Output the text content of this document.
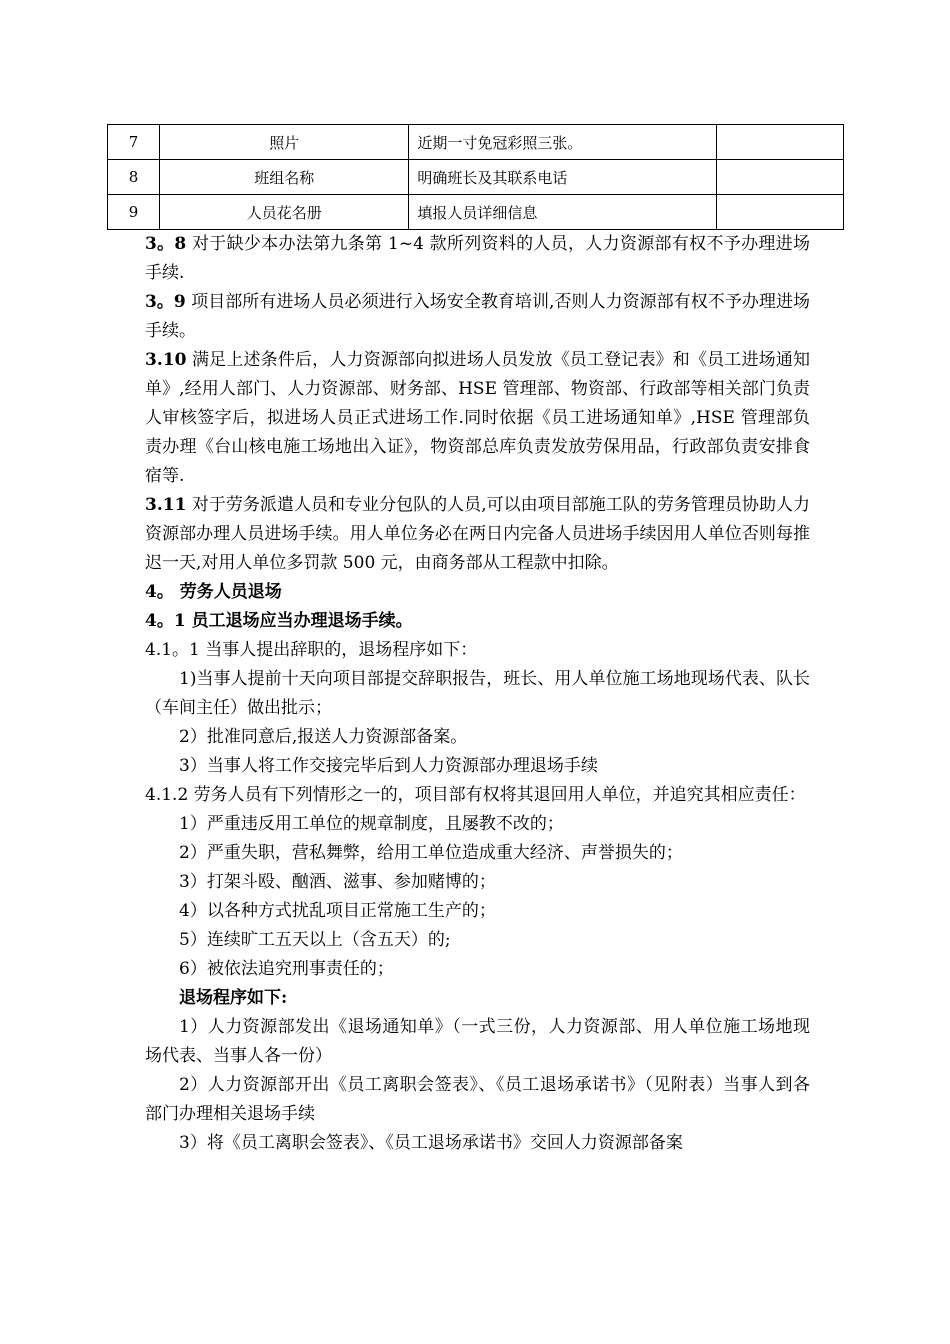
7	照片	近期一寸免冠彩照三张。	
8	班组名称	明确班长及其联系电话	
9	人员花名册	填报人员详细信息	

3。8 对于缺少本办法第九条第 1~4 款所列资料的人员，人力资源部有权不予办理进场手续.

3。9 项目部所有进场人员必须进行入场安全教育培训,否则人力资源部有权不予办理进场手续。

3.10 满足上述条件后，人力资源部向拟进场人员发放《员工登记表》和《员工进场通知单》,经用人部门、人力资源部、财务部、HSE 管理部、物资部、行政部等相关部门负责人审核签字后，拟进场人员正式进场工作.同时依据《员工进场通知单》,HSE 管理部负责办理《台山核电施工场地出入证》，物资部总库负责发放劳保用品，行政部负责安排食宿等.

3.11 对于劳务派遣人员和专业分包队的人员,可以由项目部施工队的劳务管理员协助人力资源部办理人员进场手续。用人单位务必在两日内完备人员进场手续因用人单位否则每推迟一天,对用人单位多罚款 500 元，由商务部从工程款中扣除。

4。 劳务人员退场

4。1 员工退场应当办理退场手续。

4.1。1 当事人提出辞职的，退场程序如下：

1)当事人提前十天向项目部提交辞职报告，班长、用人单位施工场地现场代表、队长（车间主任）做出批示；

2）批准同意后,报送人力资源部备案。

3）当事人将工作交接完毕后到人力资源部办理退场手续

4.1.2 劳务人员有下列情形之一的，项目部有权将其退回用人单位，并追究其相应责任：

1）严重违反用工单位的规章制度，且屡教不改的；

2）严重失职，营私舞弊，给用工单位造成重大经济、声誉损失的；

3）打架斗殴、酗酒、滋事、参加赌博的；

4）以各种方式扰乱项目正常施工生产的；

5）连续旷工五天以上（含五天）的;

6）被依法追究刑事责任的；

退场程序如下:

1）人力资源部发出《退场通知单》（一式三份，人力资源部、用人单位施工场地现场代表、当事人各一份）

2）人力资源部开出《员工离职会签表》、《员工退场承诺书》（见附表）当事人到各部门办理相关退场手续

3）将《员工离职会签表》、《员工退场承诺书》交回人力资源部备案
